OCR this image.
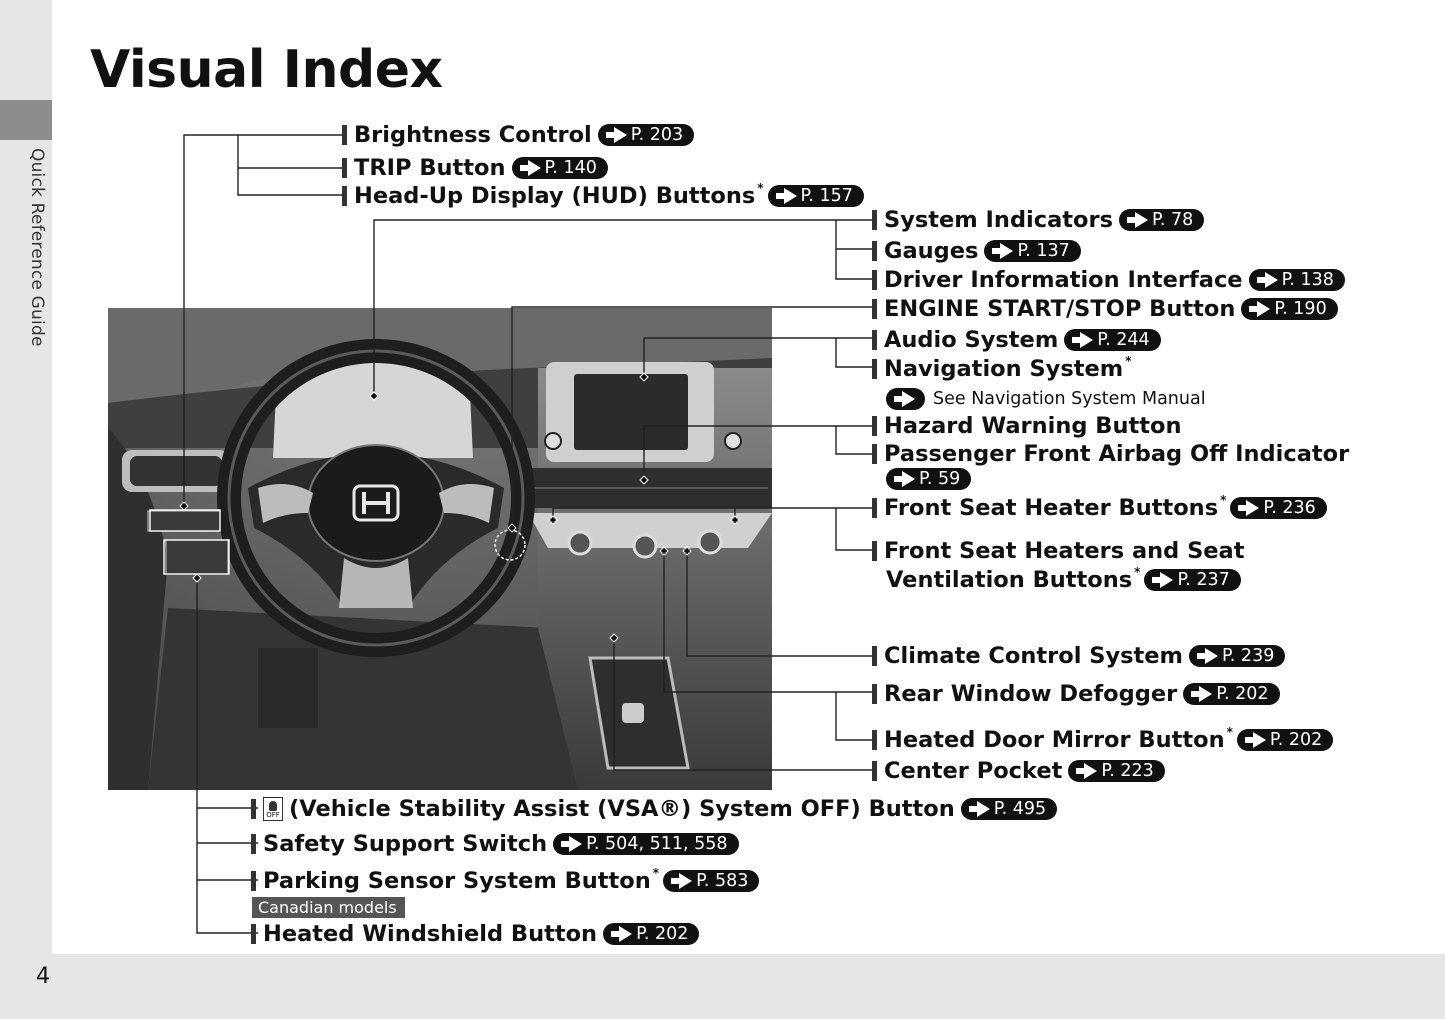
Quick Reference Guide
4
Visual Index
Brightness Control P. 203
TRIP Button P. 140
Head-Up Display (HUD) Buttons * P. 157
System Indicators P. 78
Gauges P. 137
Driver Information Interface P. 138
ENGINE START/STOP Button P. 190
Audio System P. 244
Navigation System *
See Navigation System Manual
Hazard Warning Button
Passenger Front Airbag Off Indicator
P. 59
Front Seat Heater Buttons * P. 236
Front Seat Heaters and Seat
Ventilation Buttons * P. 237
Climate Control System P. 239
Rear Window Defogger P. 202
Heated Door Mirror Button * P. 202
Center Pocket P. 223
OFF (Vehicle Stability Assist (VSA®) System OFF) Button P. 495
Safety Support Switch P. 504, 511, 558
Parking Sensor System Button * P. 583
Canadian models
Heated Windshield Button P. 202
